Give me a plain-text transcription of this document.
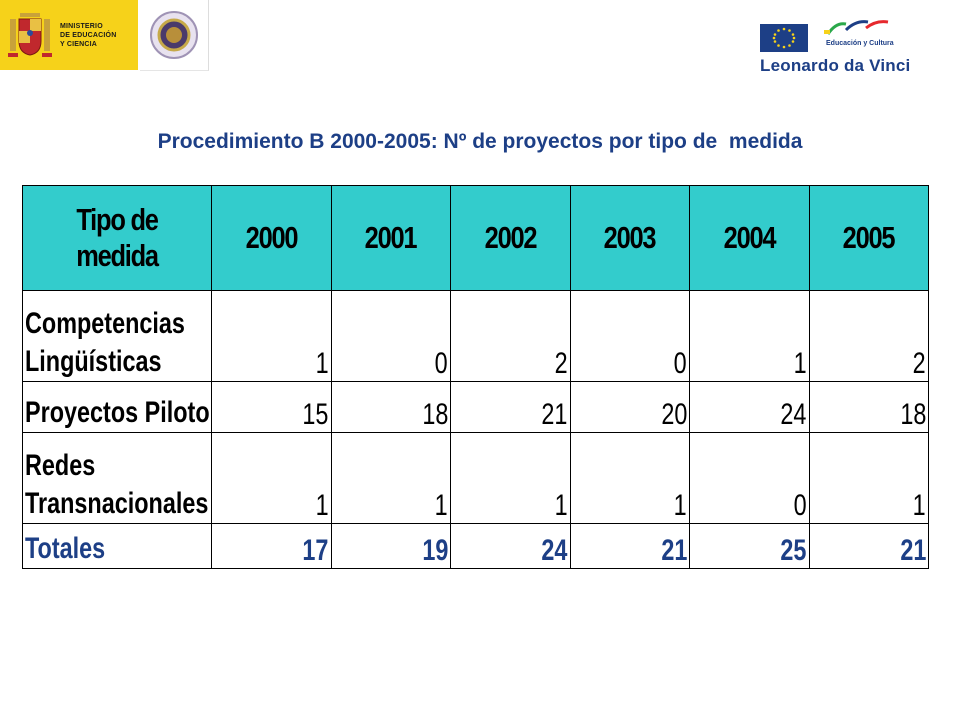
MINISTERIO
DE EDUCACIÓN
Y CIENCIA	Educación y Cultura
Leonardo da Vinci
Procedimiento B 2000-2005: Nº de proyectos por tipo de  medida
Tipo de medida	2000	2001	2002	2003	2004	2005
Competencias
Lingüísticas	1	0	2	0	1	2
Proyectos Piloto	15	18	21	20	24	18
Redes
Transnacionales	1	1	1	1	0	1
Totales	17	19	24	21	25	21
